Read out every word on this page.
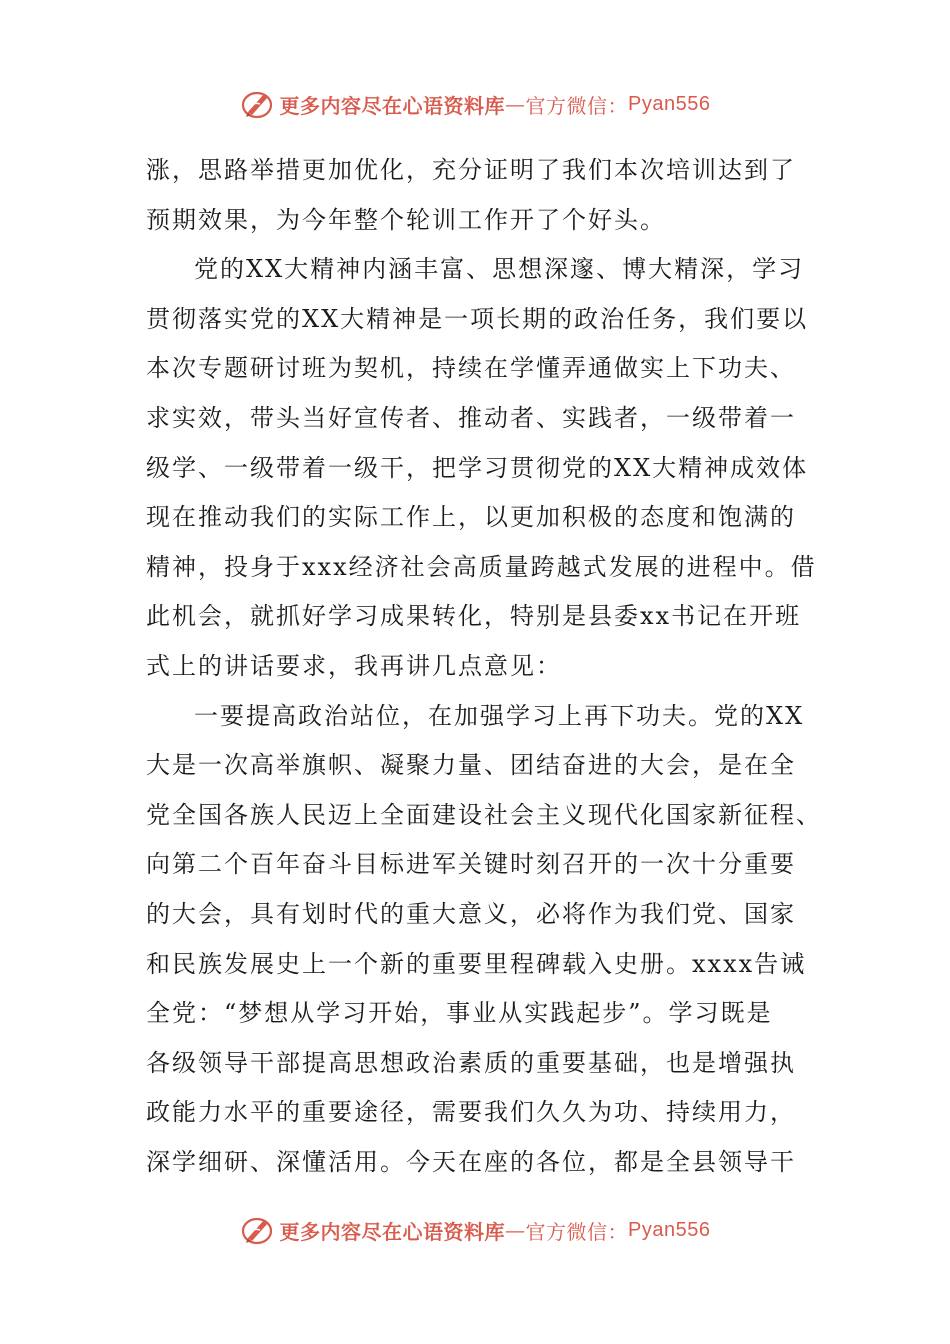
更多内容尽在心语资料库 — 官方微信： Pyan556
涨，思路举措更加优化，充分证明了我们本次培训达到了
预期效果，为今年整个轮训工作开了个好头。
党的XX大精神内涵丰富、思想深邃、博大精深，学习
贯彻落实党的XX大精神是一项长期的政治任务，我们要以
本次专题研讨班为契机，持续在学懂弄通做实上下功夫、
求实效，带头当好宣传者、推动者、实践者，一级带着一
级学、一级带着一级干，把学习贯彻党的XX大精神成效体
现在推动我们的实际工作上，以更加积极的态度和饱满的
精神，投身于xxx经济社会高质量跨越式发展的进程中。借
此机会，就抓好学习成果转化，特别是县委xx书记在开班
式上的讲话要求，我再讲几点意见：
一要提高政治站位，在加强学习上再下功夫。党的XX
大是一次高举旗帜、凝聚力量、团结奋进的大会，是在全
党全国各族人民迈上全面建设社会主义现代化国家新征程、
向第二个百年奋斗目标进军关键时刻召开的一次十分重要
的大会，具有划时代的重大意义，必将作为我们党、国家
和民族发展史上一个新的重要里程碑载入史册。xxxx告诫
全党：“梦想从学习开始，事业从实践起步”。学习既是
各级领导干部提高思想政治素质的重要基础，也是增强执
政能力水平的重要途径，需要我们久久为功、持续用力，
深学细研、深懂活用。今天在座的各位，都是全县领导干
更多内容尽在心语资料库 — 官方微信： Pyan556
